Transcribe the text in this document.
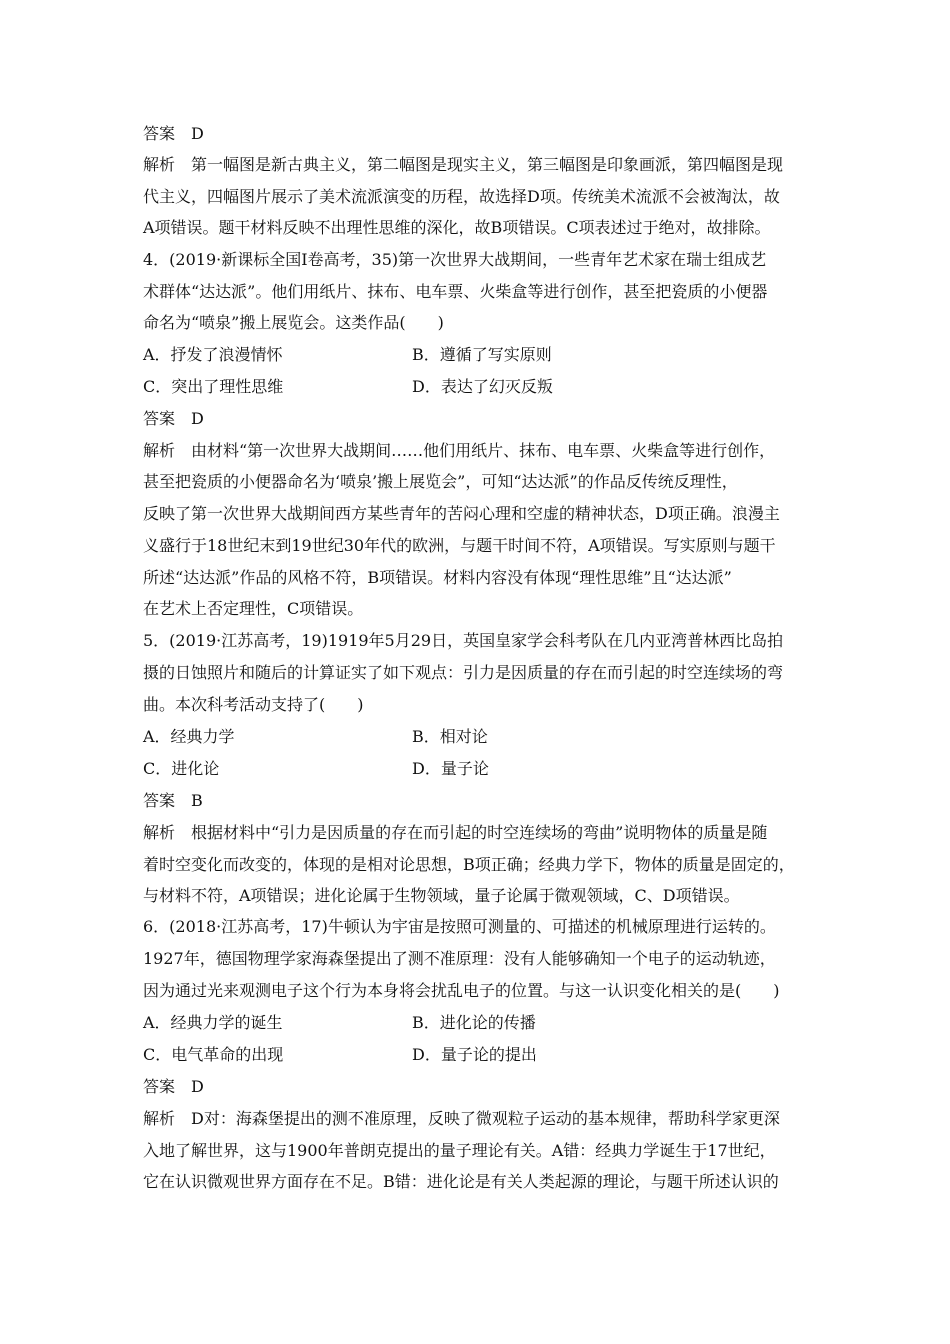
答案　D
解析　第一幅图是新古典主义，第二幅图是现实主义，第三幅图是印象画派，第四幅图是现
代主义，四幅图片展示了美术流派演变的历程，故选择D项。传统美术流派不会被淘汰，故
A项错误。题干材料反映不出理性思维的深化，故B项错误。C项表述过于绝对，故排除。
4．(2019·新课标全国Ⅰ卷高考，35)第一次世界大战期间，一些青年艺术家在瑞士组成艺
术群体“达达派”。他们用纸片、抹布、电车票、火柴盒等进行创作，甚至把瓷质的小便器
命名为“喷泉”搬上展览会。这类作品(　　)
A．抒发了浪漫情怀	B．遵循了写实原则
C．突出了理性思维	D．表达了幻灭反叛
答案　D
解析　由材料“第一次世界大战期间……他们用纸片、抹布、电车票、火柴盒等进行创作，
甚至把瓷质的小便器命名为‘喷泉’搬上展览会”，可知“达达派”的作品反传统反理性，
反映了第一次世界大战期间西方某些青年的苦闷心理和空虚的精神状态，D项正确。浪漫主
义盛行于18世纪末到19世纪30年代的欧洲，与题干时间不符，A项错误。写实原则与题干
所述“达达派”作品的风格不符，B项错误。材料内容没有体现“理性思维”且“达达派”
在艺术上否定理性，C项错误。
5．(2019·江苏高考，19)1919年5月29日，英国皇家学会科考队在几内亚湾普林西比岛拍
摄的日蚀照片和随后的计算证实了如下观点：引力是因质量的存在而引起的时空连续场的弯
曲。本次科考活动支持了(　　)
A．经典力学	B．相对论
C．进化论	D．量子论
答案　B
解析　根据材料中“引力是因质量的存在而引起的时空连续场的弯曲”说明物体的质量是随
着时空变化而改变的，体现的是相对论思想，B项正确；经典力学下，物体的质量是固定的，
与材料不符，A项错误；进化论属于生物领域，量子论属于微观领域，C、D项错误。
6．(2018·江苏高考，17)牛顿认为宇宙是按照可测量的、可描述的机械原理进行运转的。
1927年，德国物理学家海森堡提出了测不准原理：没有人能够确知一个电子的运动轨迹，
因为通过光来观测电子这个行为本身将会扰乱电子的位置。与这一认识变化相关的是(　　)
A．经典力学的诞生	B．进化论的传播
C．电气革命的出现	D．量子论的提出
答案　D
解析　D对：海森堡提出的测不准原理，反映了微观粒子运动的基本规律，帮助科学家更深
入地了解世界，这与1900年普朗克提出的量子理论有关。A错：经典力学诞生于17世纪，
它在认识微观世界方面存在不足。B错：进化论是有关人类起源的理论，与题干所述认识的
